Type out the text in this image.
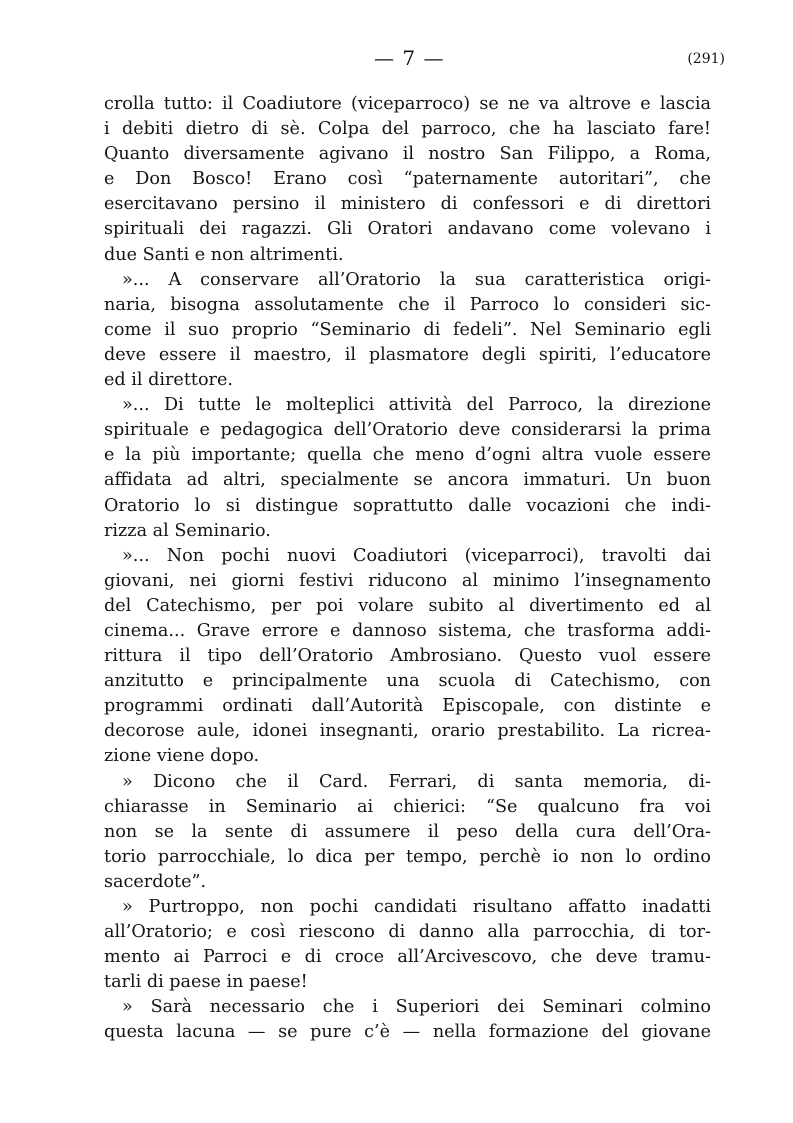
— 7 —	(291)
crolla tutto: il Coadiutore (viceparroco) se ne va altrove e lascia
i debiti dietro di sè. Colpa del parroco, che ha lasciato fare!
Quanto diversamente agivano il nostro San Filippo, a Roma,
e Don Bosco! Erano così “paternamente autoritari”, che
esercitavano persino il ministero di confessori e di direttori
spirituali dei ragazzi. Gli Oratori andavano come volevano i
due Santi e non altrimenti.
»... A conservare all’Oratorio la sua caratteristica origi-
naria, bisogna assolutamente che il Parroco lo consideri sic-
come il suo proprio “Seminario di fedeli”. Nel Seminario egli
deve essere il maestro, il plasmatore degli spiriti, l’educatore
ed il direttore.
»... Di tutte le molteplici attività del Parroco, la direzione
spirituale e pedagogica dell’Oratorio deve considerarsi la prima
e la più importante; quella che meno d’ogni altra vuole essere
affidata ad altri, specialmente se ancora immaturi. Un buon
Oratorio lo si distingue soprattutto dalle vocazioni che indi-
rizza al Seminario.
»... Non pochi nuovi Coadiutori (viceparroci), travolti dai
giovani, nei giorni festivi riducono al minimo l’insegnamento
del Catechismo, per poi volare subito al divertimento ed al
cinema... Grave errore e dannoso sistema, che trasforma addi-
rittura il tipo dell’Oratorio Ambrosiano. Questo vuol essere
anzitutto e principalmente una scuola di Catechismo, con
programmi ordinati dall’Autorità Episcopale, con distinte e
decorose aule, idonei insegnanti, orario prestabilito. La ricrea-
zione viene dopo.
» Dicono che il Card. Ferrari, di santa memoria, di-
chiarasse in Seminario ai chierici: “Se qualcuno fra voi
non se la sente di assumere il peso della cura dell’Ora-
torio parrocchiale, lo dica per tempo, perchè io non lo ordino
sacerdote”.
» Purtroppo, non pochi candidati risultano affatto inadatti
all’Oratorio; e così riescono di danno alla parrocchia, di tor-
mento ai Parroci e di croce all’Arcivescovo, che deve tramu-
tarli di paese in paese!
» Sarà necessario che i Superiori dei Seminari colmino
questa lacuna — se pure c’è — nella formazione del giovane
